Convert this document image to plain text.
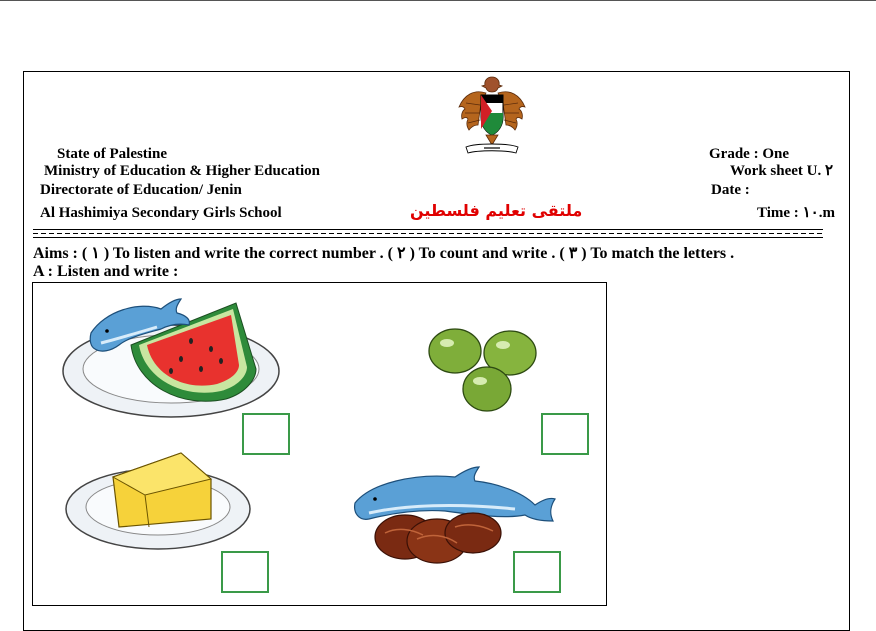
State of Palestine
Ministry of Education & Higher Education
Directorate of Education/ Jenin
Al Hashimiya Secondary Girls School
Grade : One
Work sheet U. ٢
Date :
Time : ١٠.m
ملتقى تعليم فلسطين
Aims : ( ١ ) To listen and write the correct number . ( ٢ ) To count and write . ( ٣ ) To match the letters .
A : Listen and write :
